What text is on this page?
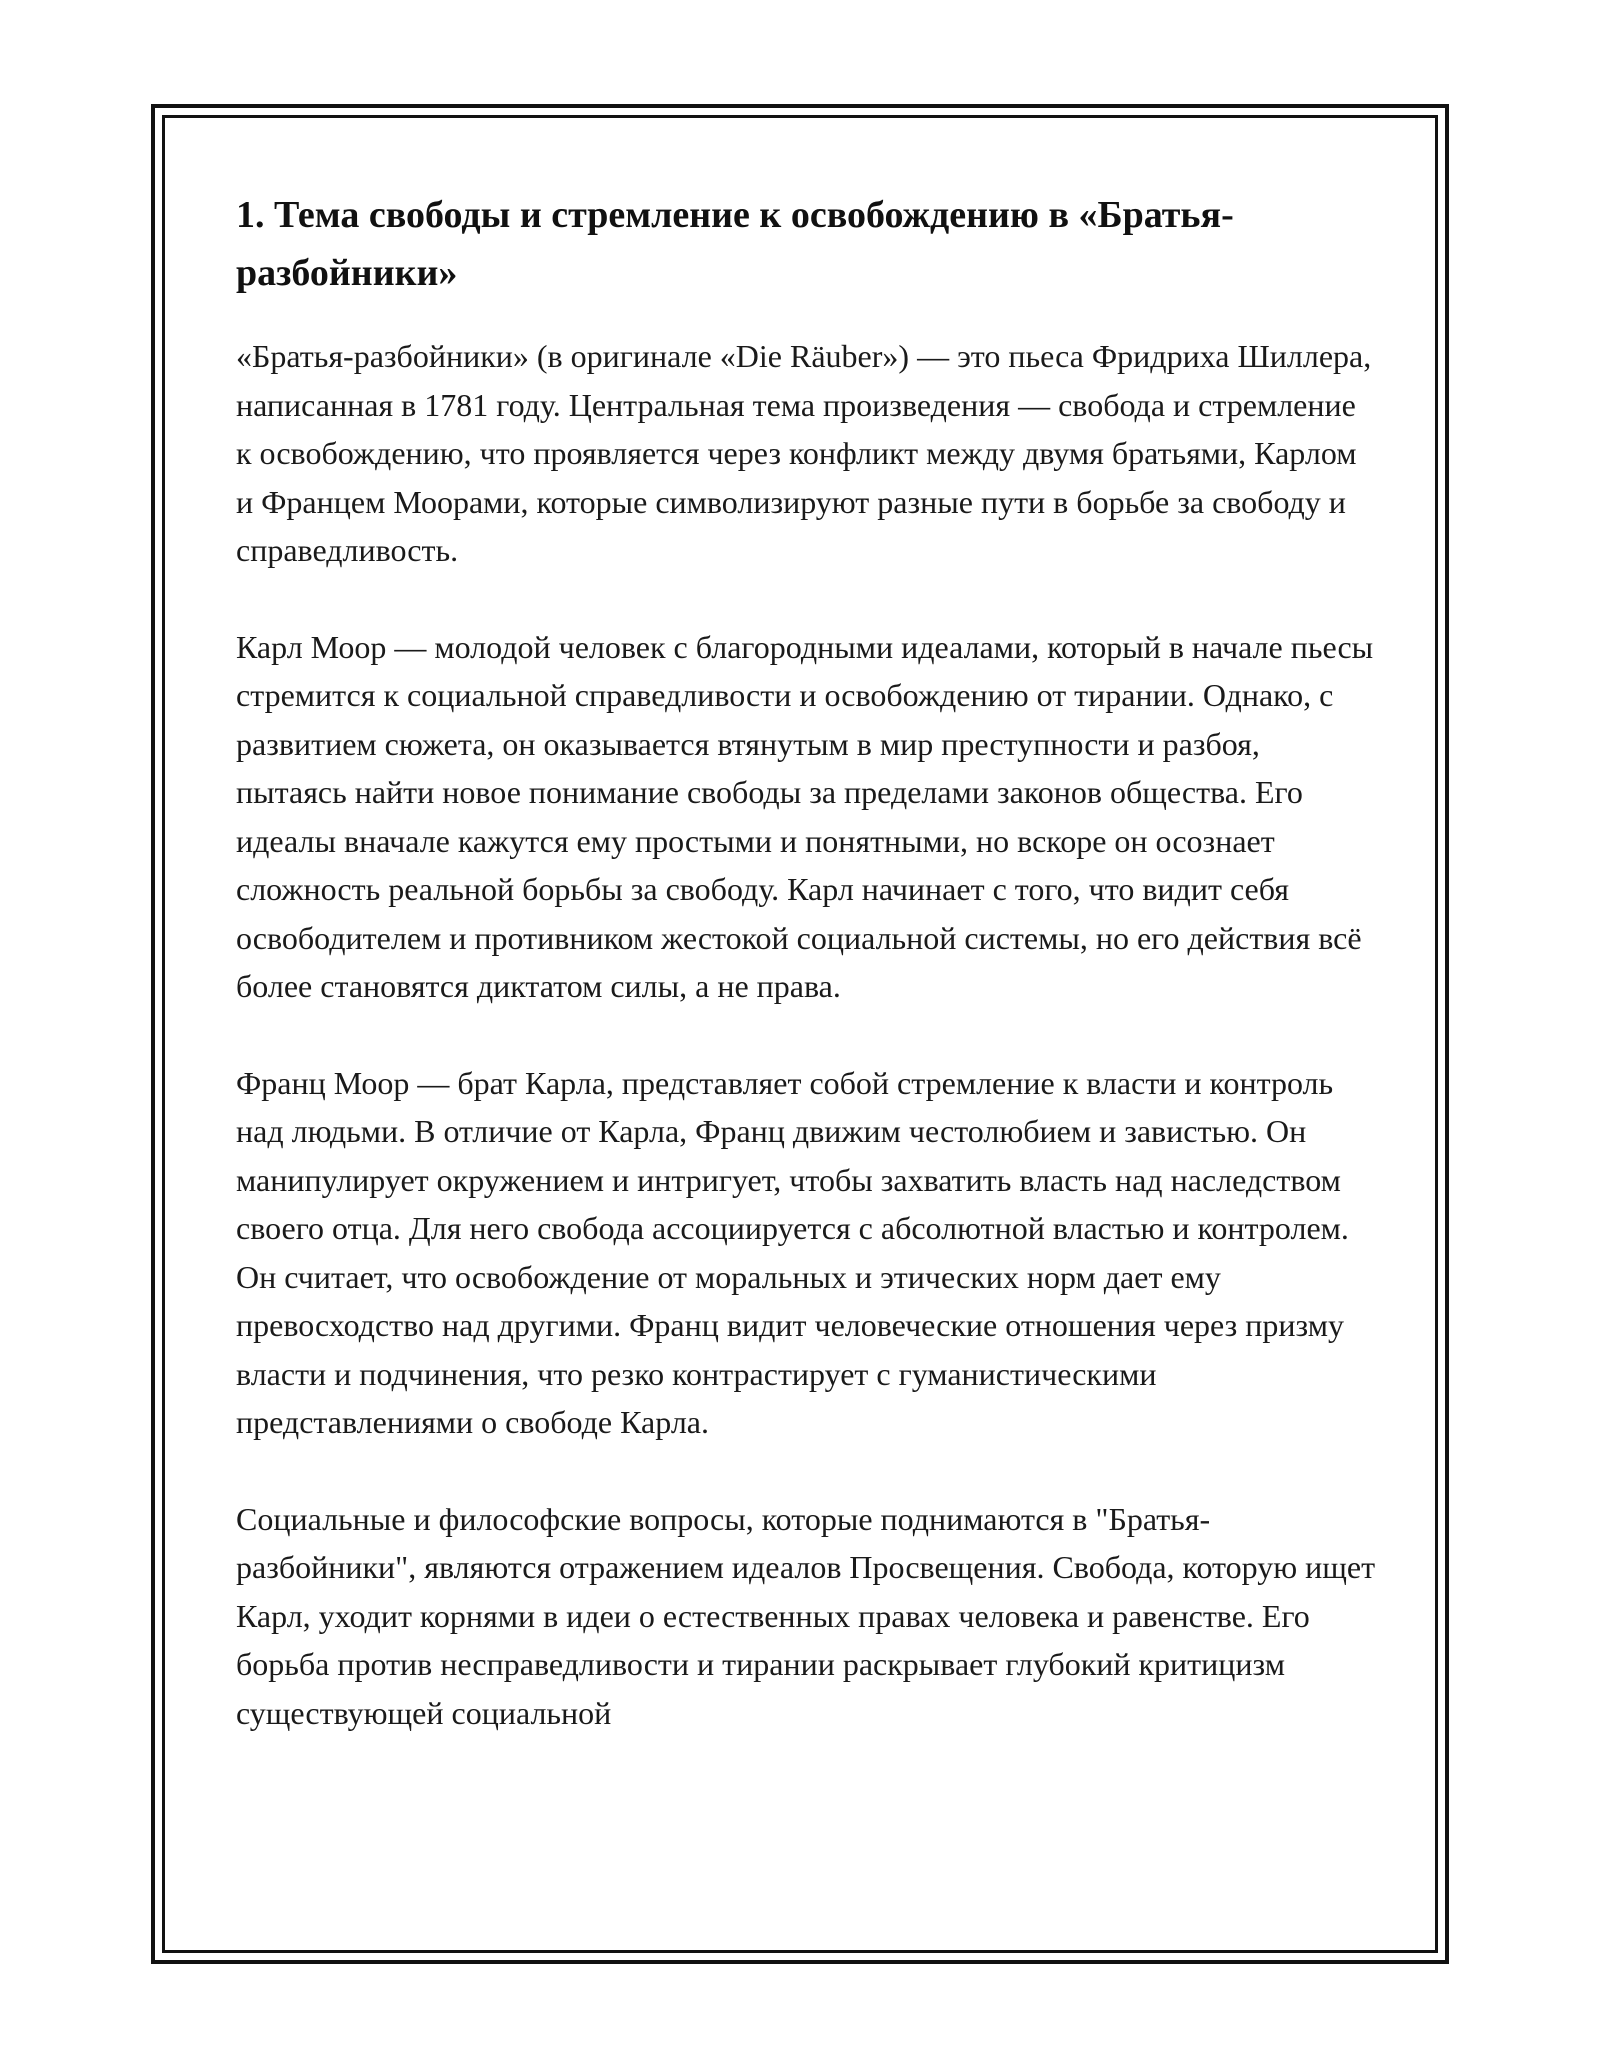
1. Тема свободы и стремление к освобождению в «Братья-разбойники»

«Братья-разбойники» (в оригинале «Die Räuber») — это пьеса Фридриха Шиллера, написанная в 1781 году. Центральная тема произведения — свобода и стремление к освобождению, что проявляется через конфликт между двумя братьями, Карлом и Францем Моорами, которые символизируют разные пути в борьбе за свободу и справедливость.

Карл Моор — молодой человек с благородными идеалами, который в начале пьесы стремится к социальной справедливости и освобождению от тирании. Однако, с развитием сюжета, он оказывается втянутым в мир преступности и разбоя, пытаясь найти новое понимание свободы за пределами законов общества. Его идеалы вначале кажутся ему простыми и понятными, но вскоре он осознает сложность реальной борьбы за свободу. Карл начинает с того, что видит себя освободителем и противником жестокой социальной системы, но его действия всё более становятся диктатом силы, а не права.

Франц Моор — брат Карла, представляет собой стремление к власти и контроль над людьми. В отличие от Карла, Франц движим честолюбием и завистью. Он манипулирует окружением и интригует, чтобы захватить власть над наследством своего отца. Для него свобода ассоциируется с абсолютной властью и контролем. Он считает, что освобождение от моральных и этических норм дает ему превосходство над другими. Франц видит человеческие отношения через призму власти и подчинения, что резко контрастирует с гуманистическими представлениями о свободе Карла.

Социальные и философские вопросы, которые поднимаются в "Братья-разбойники", являются отражением идеалов Просвещения. Свобода, которую ищет Карл, уходит корнями в идеи о естественных правах человека и равенстве. Его борьба против несправедливости и тирании раскрывает глубокий критицизм существующей социальной
